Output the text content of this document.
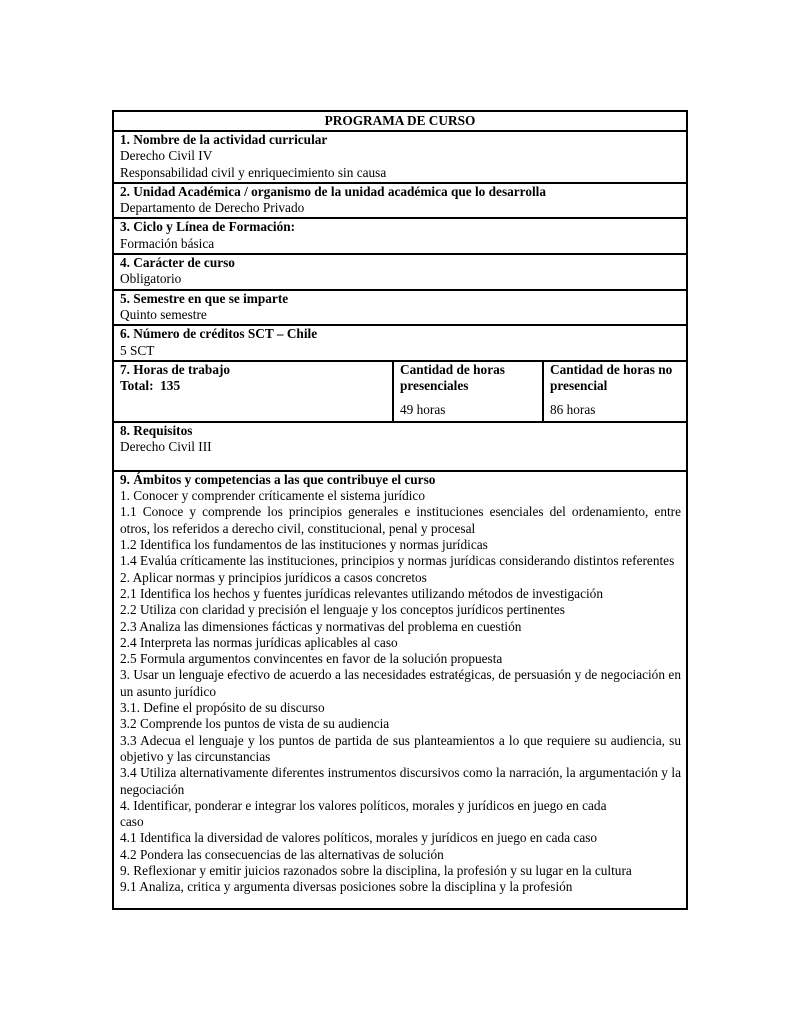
PROGRAMA DE CURSO
1. Nombre de la actividad curricular
Derecho Civil IV
Responsabilidad civil y enriquecimiento sin causa
2. Unidad Académica / organismo de la unidad académica que lo desarrolla
Departamento de Derecho Privado
3. Ciclo y Línea de Formación:
Formación básica
4. Carácter de curso
Obligatorio
5. Semestre en que se imparte
Quinto semestre
6. Número de créditos SCT – Chile
5 SCT
7. Horas de trabajo
Total:  135
Cantidad de horas presenciales
49 horas
Cantidad de horas no presencial
86 horas
8. Requisitos
Derecho Civil III
9. Ámbitos y competencias a las que contribuye el curso

1. Conocer y comprender críticamente el sistema jurídico

1.1 Conoce y comprende los principios generales e instituciones esenciales del ordenamiento, entre otros, los referidos a derecho civil, constitucional, penal y procesal

1.2 Identifica los fundamentos de las instituciones y normas jurídicas

1.4 Evalúa críticamente las instituciones, principios y normas jurídicas considerando distintos referentes

2. Aplicar normas y principios jurídicos a casos concretos

2.1 Identifica los hechos y fuentes jurídicas relevantes utilizando métodos de investigación

2.2 Utiliza con claridad y precisión el lenguaje y los conceptos jurídicos pertinentes

2.3 Analiza las dimensiones fácticas y normativas del problema en cuestión

2.4 Interpreta las normas jurídicas aplicables al caso

2.5 Formula argumentos convincentes en favor de la solución propuesta

3. Usar un lenguaje efectivo de acuerdo a las necesidades estratégicas, de persuasión y de negociación en un asunto jurídico

3.1. Define el propósito de su discurso

3.2 Comprende los puntos de vista de su audiencia

3.3 Adecua el lenguaje y los puntos de partida de sus planteamientos a lo que requiere su audiencia, su objetivo y las circunstancias

3.4 Utiliza alternativamente diferentes instrumentos discursivos como la narración, la argumentación y la negociación

4. Identificar, ponderar e integrar los valores políticos, morales y jurídicos en juego en cada

caso

4.1 Identifica la diversidad de valores políticos, morales y jurídicos en juego en cada caso

4.2 Pondera las consecuencias de las alternativas de solución

9. Reflexionar y emitir juicios razonados sobre la disciplina, la profesión y su lugar en la cultura

9.1 Analiza, critica y argumenta diversas posiciones sobre la disciplina y la profesión
